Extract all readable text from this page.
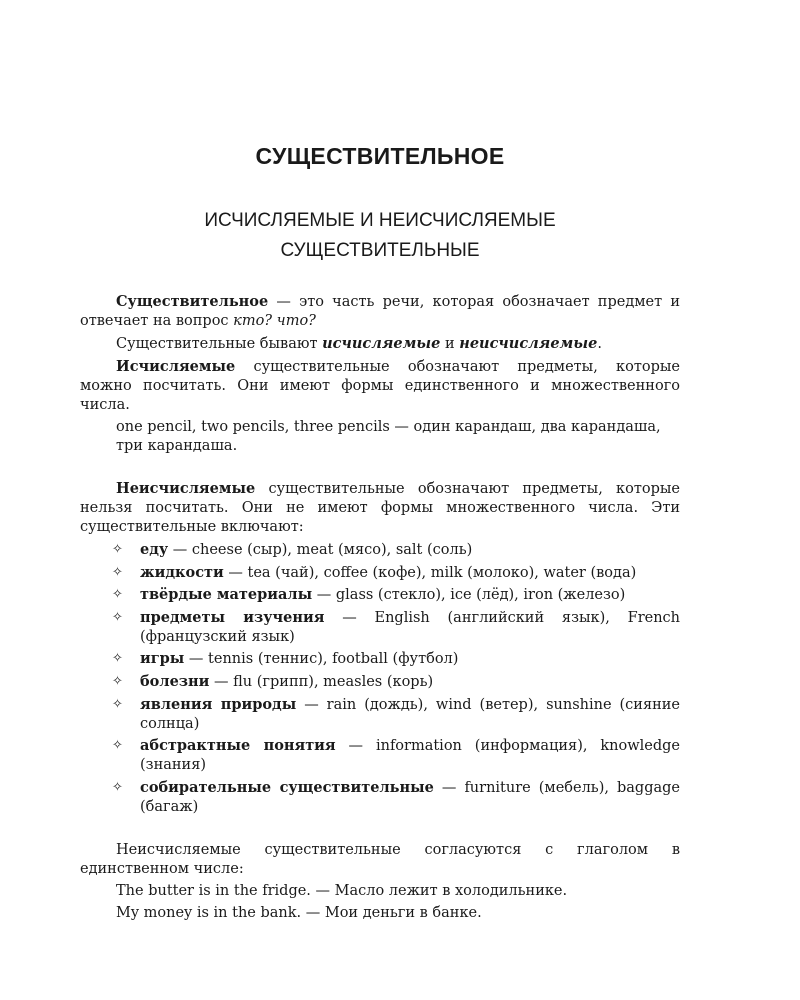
СУЩЕСТВИТЕЛЬНОЕ
ИСЧИСЛЯЕМЫЕ И НЕИСЧИСЛЯЕМЫЕ
СУЩЕСТВИТЕЛЬНЫЕ

Существительное — это часть речи, которая обозначает предмет и отвечает на вопрос кто? что?

Существительные бывают исчисляемые и неисчисляемые.

Исчисляемые существительные обозначают предметы, которые можно посчитать. Они имеют формы единственного и множественного числа.

one pencil, two pencils, three pencils — один карандаш, два карандаша, три карандаша.

Неисчисляемые существительные обозначают предметы, которые нельзя посчитать. Они не имеют формы множественного числа. Эти существительные включают:

✧	еду — cheese (сыр), meat (мясо), salt (соль)
✧	жидкости — tea (чай), coffee (кофе), milk (молоко), water (вода)
✧	твёрдые материалы — glass (стекло), ice (лёд), iron (железо)
✧	предметы изучения — English (английский язык), French (французский язык)
✧	игры — tennis (теннис), football (футбол)
✧	болезни — flu (грипп), measles (корь)
✧	явления природы — rain (дождь), wind (ветер), sunshine (сияние солнца)
✧	абстрактные понятия — information (информация), knowledge (знания)
✧	собирательные существительные — furniture (мебель), baggage (багаж)

Неисчисляемые существительные согласуются с глаголом в единственном числе:

The butter is in the fridge. — Масло лежит в холодильнике.

My money is in the bank. — Мои деньги в банке.
